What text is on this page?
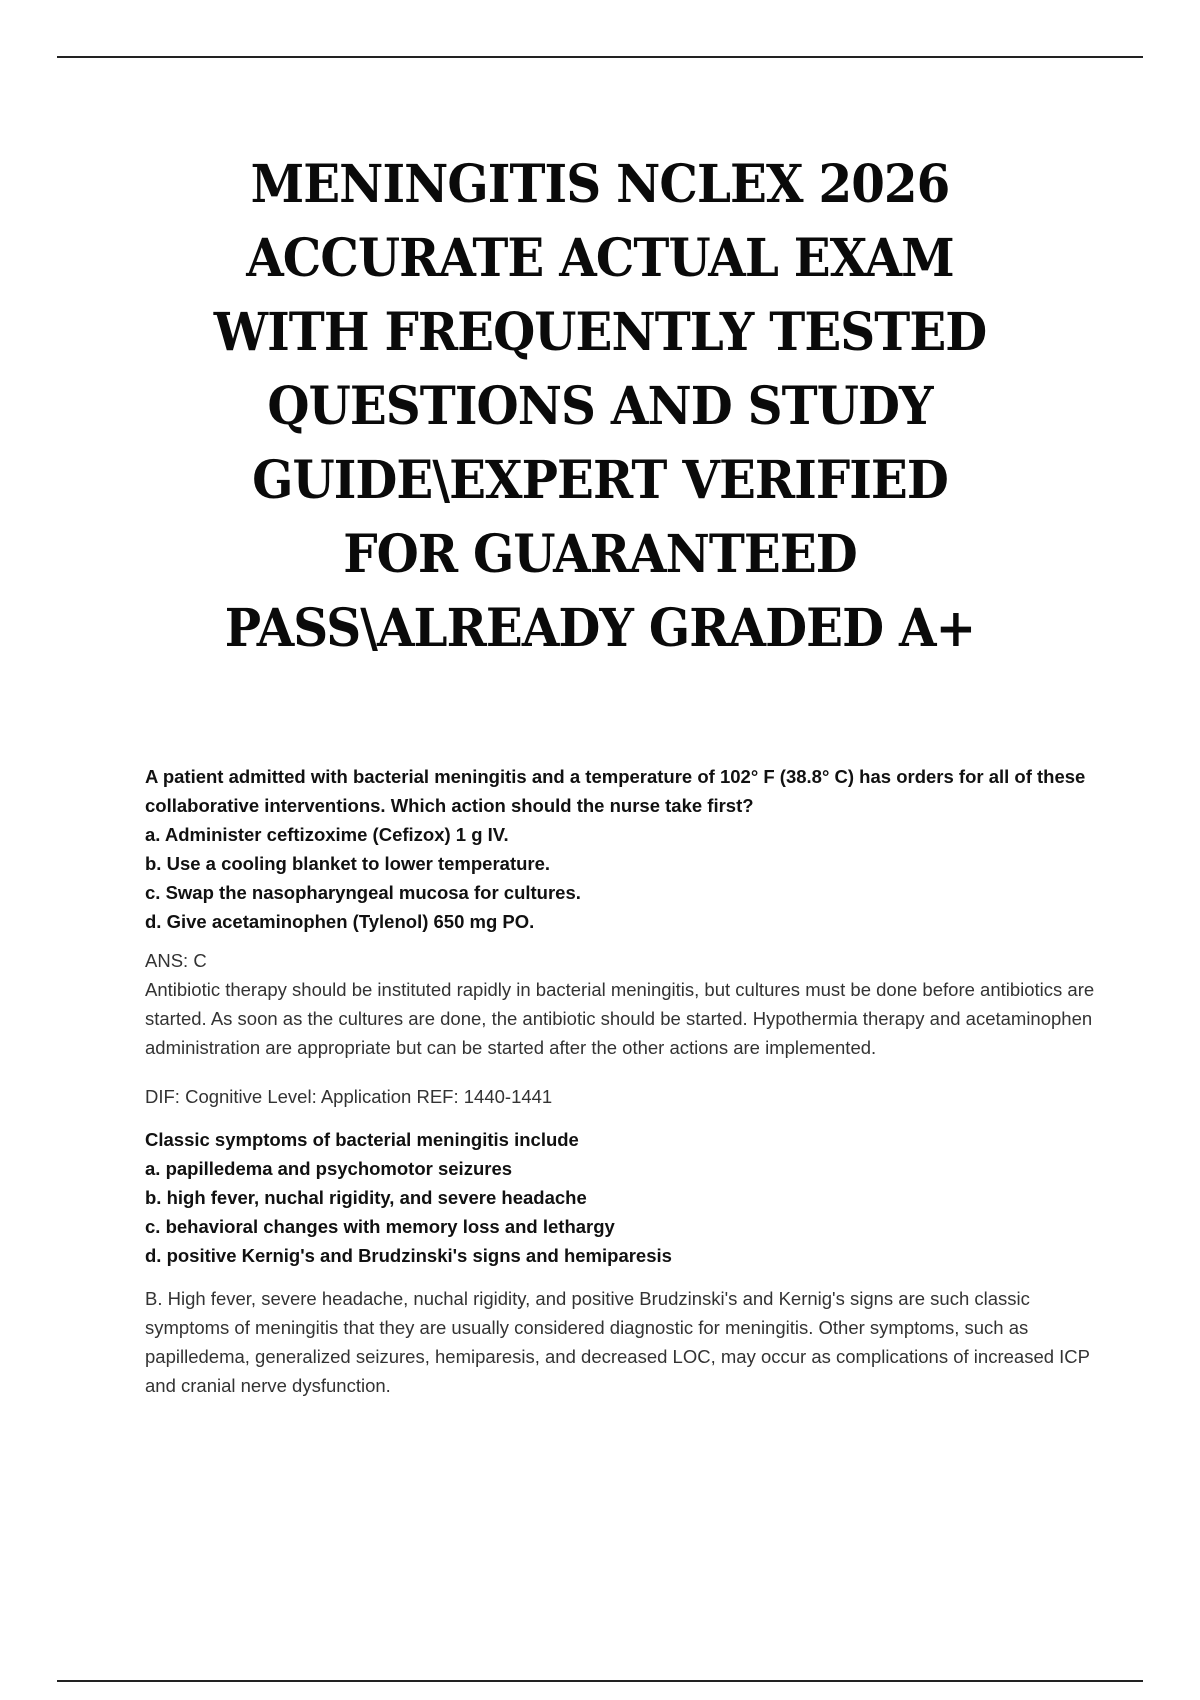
MENINGITIS NCLEX 2026
ACCURATE ACTUAL EXAM
WITH FREQUENTLY TESTED
QUESTIONS AND STUDY
GUIDE\EXPERT VERIFIED
FOR GUARANTEED
PASS\ALREADY GRADED A+

A patient admitted with bacterial meningitis and a temperature of 102° F (38.8° C) has orders for all of these collaborative interventions. Which action should the nurse take first?

a. Administer ceftizoxime (Cefizox) 1 g IV.

b. Use a cooling blanket to lower temperature.

c. Swap the nasopharyngeal mucosa for cultures.

d. Give acetaminophen (Tylenol) 650 mg PO.

ANS: C

Antibiotic therapy should be instituted rapidly in bacterial meningitis, but cultures must be done before antibiotics are started. As soon as the cultures are done, the antibiotic should be started. Hypothermia therapy and acetaminophen administration are appropriate but can be started after the other actions are implemented.

DIF: Cognitive Level: Application REF: 1440-1441

Classic symptoms of bacterial meningitis include

a. papilledema and psychomotor seizures

b. high fever, nuchal rigidity, and severe headache

c. behavioral changes with memory loss and lethargy

d. positive Kernig's and Brudzinski's signs and hemiparesis

B. High fever, severe headache, nuchal rigidity, and positive Brudzinski's and Kernig's signs are such classic symptoms of meningitis that they are usually considered diagnostic for meningitis. Other symptoms, such as papilledema, generalized seizures, hemiparesis, and decreased LOC, may occur as complications of increased ICP and cranial nerve dysfunction.
